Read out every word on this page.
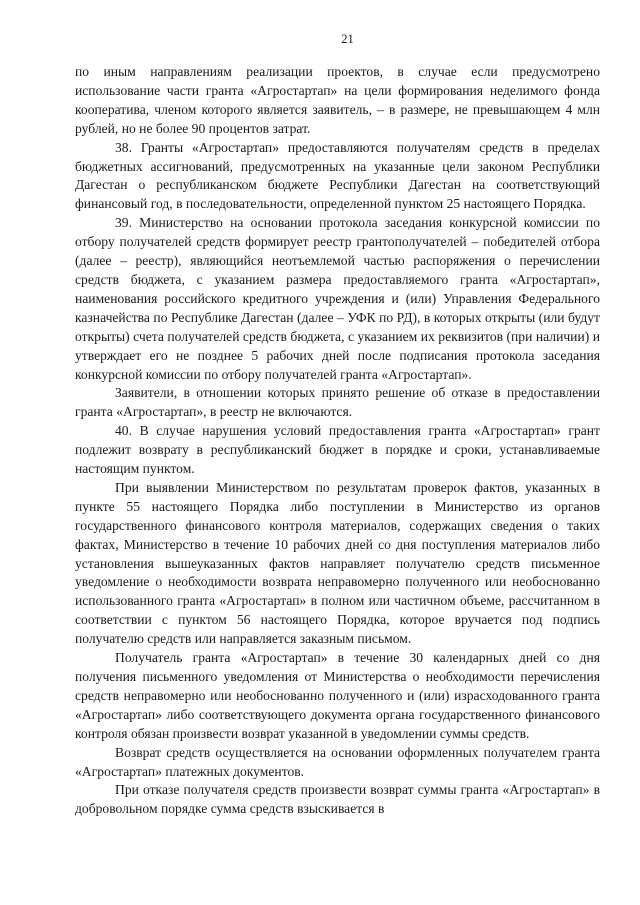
21

по иным направлениям реализации проектов, в случае если предусмотрено использование части гранта «Агростартап» на цели формирования неделимого фонда кооператива, членом которого является заявитель, – в размере, не превышающем 4 млн рублей, но не более 90 процентов затрат.

38. Гранты «Агростартап» предоставляются получателям средств в пределах бюджетных ассигнований, предусмотренных на указанные цели законом Республики Дагестан о республиканском бюджете Республики Дагестан на соответствующий финансовый год, в последовательности, определенной пунктом 25 настоящего Порядка.

39. Министерство на основании протокола заседания конкурсной комиссии по отбору получателей средств формирует реестр грантополучателей – победителей отбора (далее – реестр), являющийся неотъемлемой частью распоряжения о перечислении средств бюджета, с указанием размера предоставляемого гранта «Агростартап», наименования российского кредитного учреждения и (или) Управления Федерального казначейства по Республике Дагестан (далее – УФК по РД), в которых открыты (или будут открыты) счета получателей средств бюджета, с указанием их реквизитов (при наличии) и утверждает его не позднее 5 рабочих дней после подписания протокола заседания конкурсной комиссии по отбору получателей гранта «Агростартап».

Заявители, в отношении которых принято решение об отказе в предоставлении гранта «Агростартап», в реестр не включаются.

40. В случае нарушения условий предоставления гранта «Агростартап» грант подлежит возврату в республиканский бюджет в порядке и сроки, устанавливаемые настоящим пунктом.

При выявлении Министерством по результатам проверок фактов, указанных в пункте 55 настоящего Порядка либо поступлении в Министерство из органов государственного финансового контроля материалов, содержащих сведения о таких фактах, Министерство в течение 10 рабочих дней со дня поступления материалов либо установления вышеуказанных фактов направляет получателю средств письменное уведомление о необходимости возврата неправомерно полученного или необоснованно использованного гранта «Агростартап» в полном или частичном объеме, рассчитанном в соответствии с пунктом 56 настоящего Порядка, которое вручается под подпись получателю средств или направляется заказным письмом.

Получатель гранта «Агростартап» в течение 30 календарных дней со дня получения письменного уведомления от Министерства о необходимости перечисления средств неправомерно или необоснованно полученного и (или) израсходованного гранта «Агростартап» либо соответствующего документа органа государственного финансового контроля обязан произвести возврат указанной в уведомлении суммы средств.

Возврат средств осуществляется на основании оформленных получателем гранта «Агростартап» платежных документов.

При отказе получателя средств произвести возврат суммы гранта «Агростартап» в добровольном порядке сумма средств взыскивается в
